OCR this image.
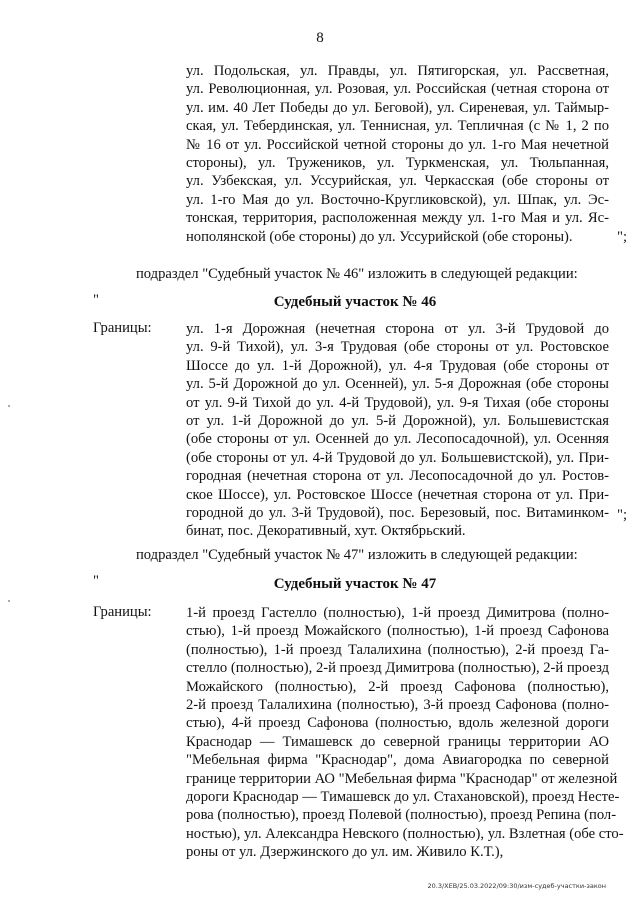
8
ул. Подольская, ул. Правды, ул. Пятигорская, ул. Рассветная,
ул. Революционная, ул. Розовая, ул. Российская (четная сторона от
ул. им. 40 Лет Победы до ул. Беговой), ул. Сиреневая, ул. Таймыр-
ская, ул. Тебердинская, ул. Теннисная, ул. Тепличная (с № 1, 2 по
№ 16 от ул. Российской четной стороны до ул. 1-го Мая нечетной
стороны), ул. Тружеников, ул. Туркменская, ул. Тюльпанная,
ул. Узбекская, ул. Уссурийская, ул. Черкасская (обе стороны от
ул. 1-го Мая до ул. Восточно-Кругликовской), ул. Шпак, ул. Эс-
тонская, территория, расположенная между ул. 1-го Мая и ул. Яс-
нополянской (обе стороны) до ул. Уссурийской (обе стороны).	";
подраздел "Судебный участок № 46" изложить в следующей редакции:
"	Судебный участок № 46
Границы: ул. 1-я Дорожная (нечетная сторона от ул. 3-й Трудовой до
ул. 9-й Тихой), ул. 3-я Трудовая (обе стороны от ул. Ростовское
Шоссе до ул. 1-й Дорожной), ул. 4-я Трудовая (обе стороны от
ул. 5-й Дорожной до ул. Осенней), ул. 5-я Дорожная (обе стороны
от ул. 9-й Тихой до ул. 4-й Трудовой), ул. 9-я Тихая (обе стороны
от ул. 1-й Дорожной до ул. 5-й Дорожной), ул. Большевистская
(обе стороны от ул. Осенней до ул. Лесопосадочной), ул. Осенняя
(обе стороны от ул. 4-й Трудовой до ул. Большевистской), ул. При-
городная (нечетная сторона от ул. Лесопосадочной до ул. Ростов-
ское Шоссе), ул. Ростовское Шоссе (нечетная сторона от ул. При-
городной до ул. 3-й Трудовой), пос. Березовый, пос. Витаминком-
бинат, пос. Декоративный, хут. Октябрьский.
";
подраздел "Судебный участок № 47" изложить в следующей редакции:
"	Судебный участок № 47
Границы: 1-й проезд Гастелло (полностью), 1-й проезд Димитрова (полно-
стью), 1-й проезд Можайского (полностью), 1-й проезд Сафонова
(полностью), 1-й проезд Талалихина (полностью), 2-й проезд Га-
стелло (полностью), 2-й проезд Димитрова (полностью), 2-й проезд
Можайского (полностью), 2-й проезд Сафонова (полностью),
2-й проезд Талалихина (полностью), 3-й проезд Сафонова (полно-
стью), 4-й проезд Сафонова (полностью, вдоль железной дороги
Краснодар — Тимашевск до северной границы территории АО
"Мебельная фирма "Краснодар", дома Авиагородка по северной
границе территории АО "Мебельная фирма "Краснодар" от железной
дороги Краснодар — Тимашевск до ул. Стахановской), проезд Нестe-
рова (полностью), проезд Полевой (полностью), проезд Репина (пол-
ностью), ул. Александра Невского (полностью), ул. Взлетная (обе сто-
роны от ул. Дзержинского до ул. им. Живило К.Т.),
20.3/ХЕВ/25.03.2022/09:30/изм-судеб-участки-закон
